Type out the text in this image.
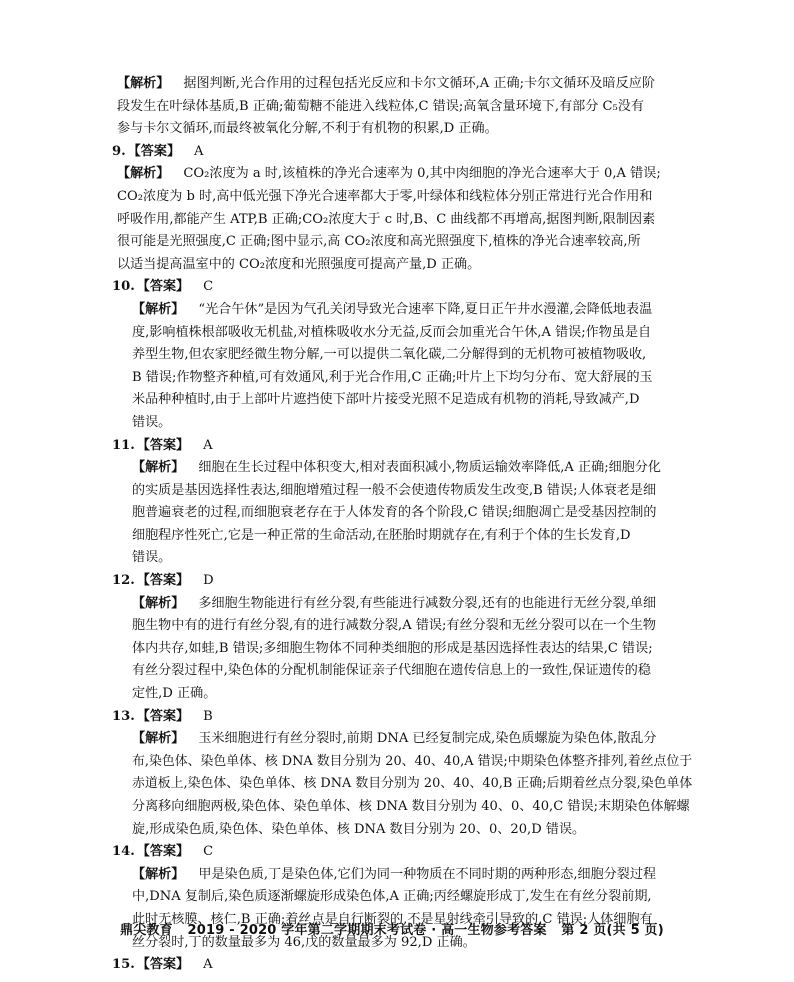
【解析】 据图判断,光合作用的过程包括光反应和卡尔文循环,A 正确;卡尔文循环及暗反应阶
段发生在叶绿体基质,B 正确;葡萄糖不能进入线粒体,C 错误;高氧含量环境下,有部分 C₅没有
参与卡尔文循环,而最终被氧化分解,不利于有机物的积累,D 正确。
9. 【答案】 A
【解析】 CO₂浓度为 a 时,该植株的净光合速率为 0,其中肉细胞的净光合速率大于 0,A 错误;
CO₂浓度为 b 时,高中低光强下净光合速率都大于零,叶绿体和线粒体分别正常进行光合作用和
呼吸作用,都能产生 ATP,B 正确;CO₂浓度大于 c 时,B、C 曲线都不再增高,据图判断,限制因素
很可能是光照强度,C 正确;图中显示,高 CO₂浓度和高光照强度下,植株的净光合速率较高,所
以适当提高温室中的 CO₂浓度和光照强度可提高产量,D 正确。
10. 【答案】 C
【解析】 “光合午休”是因为气孔关闭导致光合速率下降,夏日正午井水漫灌,会降低地表温
度,影响植株根部吸收无机盐,对植株吸收水分无益,反而会加重光合午休,A 错误;作物虽是自
养型生物,但农家肥经微生物分解,一可以提供二氧化碳,二分解得到的无机物可被植物吸收,
B 错误;作物整齐种植,可有效通风,利于光合作用,C 正确;叶片上下均匀分布、宽大舒展的玉
米品种种植时,由于上部叶片遮挡使下部叶片接受光照不足造成有机物的消耗,导致减产,D
错误。
11. 【答案】 A
【解析】 细胞在生长过程中体积变大,相对表面积减小,物质运输效率降低,A 正确;细胞分化
的实质是基因选择性表达,细胞增殖过程一般不会使遗传物质发生改变,B 错误;人体衰老是细
胞普遍衰老的过程,而细胞衰老存在于人体发育的各个阶段,C 错误;细胞凋亡是受基因控制的
细胞程序性死亡,它是一种正常的生命活动,在胚胎时期就存在,有利于个体的生长发育,D
错误。
12. 【答案】 D
【解析】 多细胞生物能进行有丝分裂,有些能进行减数分裂,还有的也能进行无丝分裂,单细
胞生物中有的进行有丝分裂,有的进行减数分裂,A 错误;有丝分裂和无丝分裂可以在一个生物
体内共存,如蛙,B 错误;多细胞生物体不同种类细胞的形成是基因选择性表达的结果,C 错误;
有丝分裂过程中,染色体的分配机制能保证亲子代细胞在遗传信息上的一致性,保证遗传的稳
定性,D 正确。
13. 【答案】 B
【解析】 玉米细胞进行有丝分裂时,前期 DNA 已经复制完成,染色质螺旋为染色体,散乱分
布,染色体、染色单体、核 DNA 数目分别为 20、40、40,A 错误;中期染色体整齐排列,着丝点位于
赤道板上,染色体、染色单体、核 DNA 数目分别为 20、40、40,B 正确;后期着丝点分裂,染色单体
分离移向细胞两极,染色体、染色单体、核 DNA 数目分别为 40、0、40,C 错误;末期染色体解螺
旋,形成染色质,染色体、染色单体、核 DNA 数目分别为 20、0、20,D 错误。
14. 【答案】 C
【解析】 甲是染色质,丁是染色体,它们为同一种物质在不同时期的两种形态,细胞分裂过程
中,DNA 复制后,染色质逐渐螺旋形成染色体,A 正确;丙经螺旋形成丁,发生在有丝分裂前期,
此时无核膜、核仁,B 正确;着丝点是自行断裂的,不是星射线牵引导致的,C 错误;人体细胞有
丝分裂时,丁的数量最多为 46,戊的数量最多为 92,D 正确。
15. 【答案】 A
鼎尖教育 2019 - 2020 学年第二学期期末考试卷 · 高一生物参考答案 第 2 页(共 5 页)
